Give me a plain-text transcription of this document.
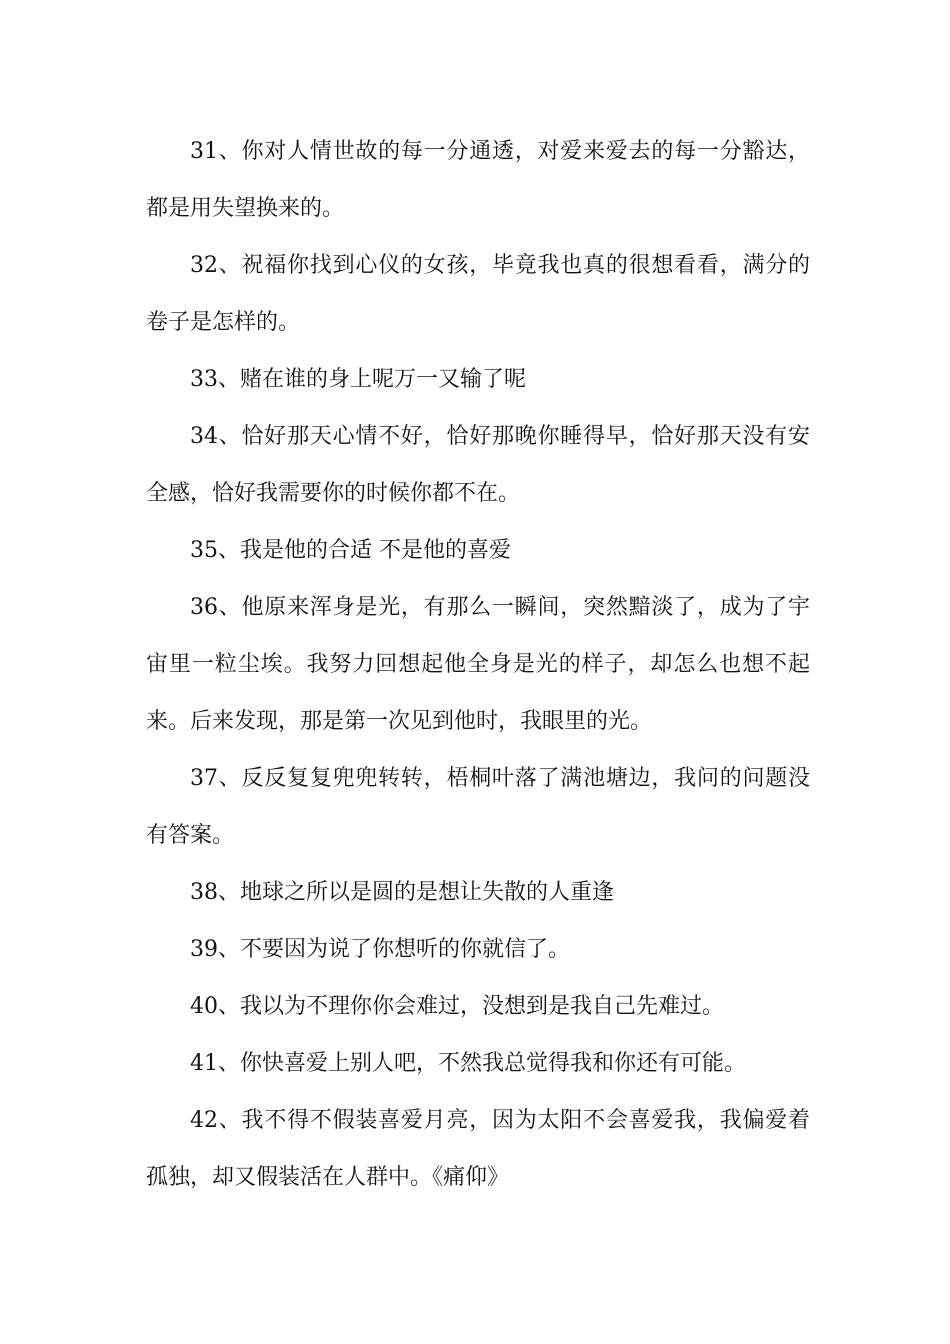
31、你对人情世故的每一分通透，对爱来爱去的每一分豁达，都是用失望换来的。

32、祝福你找到心仪的女孩，毕竟我也真的很想看看，满分的卷子是怎样的。

33、赌在谁的身上呢万一又输了呢

34、恰好那天心情不好，恰好那晚你睡得早，恰好那天没有安全感，恰好我需要你的时候你都不在。

35、我是他的合适 不是他的喜爱

36、他原来浑身是光，有那么一瞬间，突然黯淡了，成为了宇宙里一粒尘埃。我努力回想起他全身是光的样子，却怎么也想不起来。后来发现，那是第一次见到他时，我眼里的光。

37、反反复复兜兜转转，梧桐叶落了满池塘边，我问的问题没有答案。

38、地球之所以是圆的是想让失散的人重逢

39、不要因为说了你想听的你就信了。

40、我以为不理你你会难过，没想到是我自己先难过。

41、你快喜爱上别人吧，不然我总觉得我和你还有可能。

42、我不得不假装喜爱月亮，因为太阳不会喜爱我，我偏爱着孤独，却又假装活在人群中。《痛仰》
